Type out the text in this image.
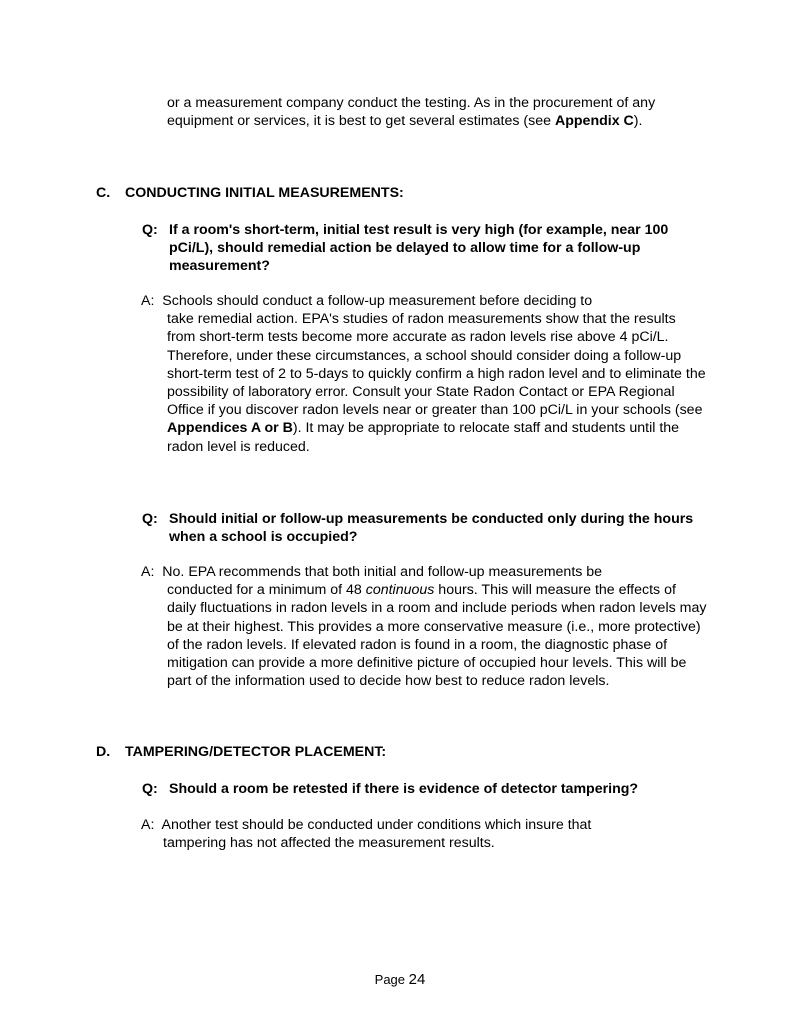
or a measurement company conduct the testing. As in the procurement of any equipment or services, it is best to get several estimates (see Appendix C).
C. CONDUCTING INITIAL MEASUREMENTS:
Q: If a room's short-term, initial test result is very high (for example, near 100 pCi/L), should remedial action be delayed to allow time for a follow-up measurement?
A: Schools should conduct a follow-up measurement before deciding to
take remedial action. EPA's studies of radon measurements show that the results from short-term tests become more accurate as radon levels rise above 4 pCi/L. Therefore, under these circumstances, a school should consider doing a follow-up short-term test of 2 to 5-days to quickly confirm a high radon level and to eliminate the possibility of laboratory error. Consult your State Radon Contact or EPA Regional Office if you discover radon levels near or greater than 100 pCi/L in your schools (see Appendices A or B). It may be appropriate to relocate staff and students until the radon level is reduced.
Q: Should initial or follow-up measurements be conducted only during the hours when a school is occupied?
A: No. EPA recommends that both initial and follow-up measurements be
conducted for a minimum of 48 continuous hours. This will measure the effects of daily fluctuations in radon levels in a room and include periods when radon levels may be at their highest. This provides a more conservative measure (i.e., more protective) of the radon levels. If elevated radon is found in a room, the diagnostic phase of mitigation can provide a more definitive picture of occupied hour levels. This will be part of the information used to decide how best to reduce radon levels.
D. TAMPERING/DETECTOR PLACEMENT:
Q: Should a room be retested if there is evidence of detector tampering?
A: Another test should be conducted under conditions which insure that
tampering has not affected the measurement results.
Page 24
